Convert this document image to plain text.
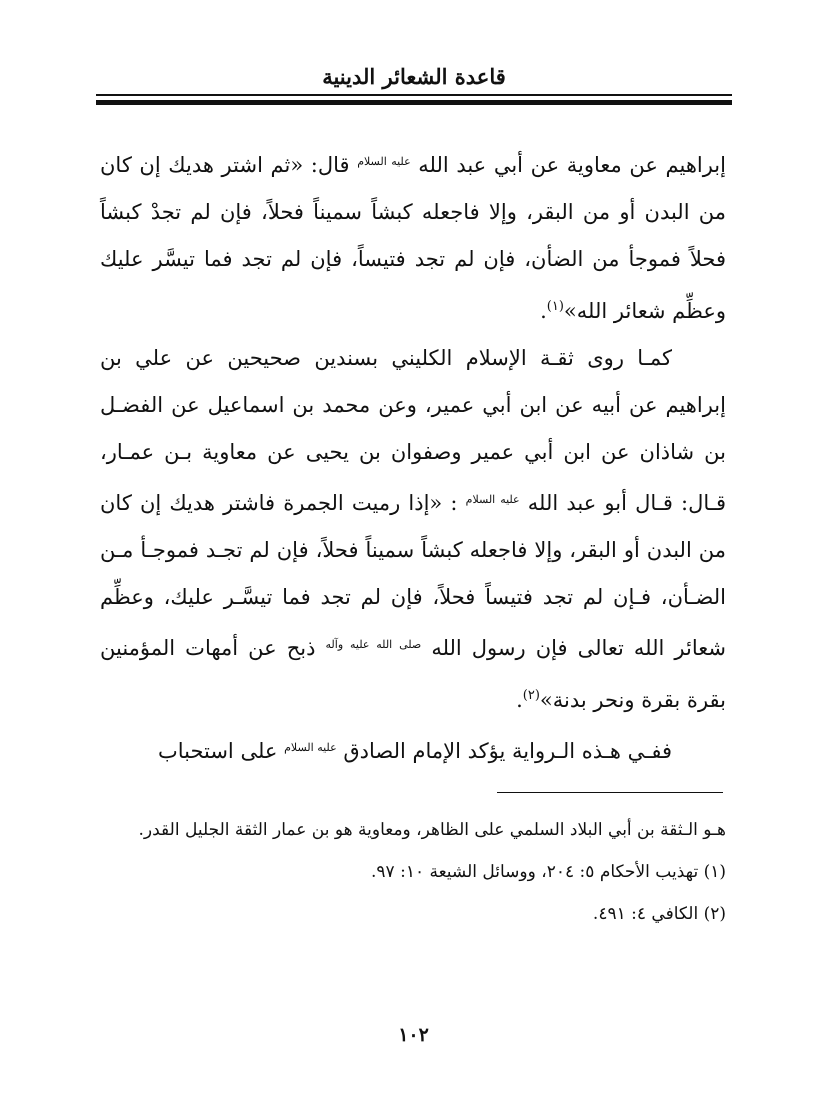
قاعدة الشعائر الدينية

إبراهيم عن معاوية عن أبي عبد الله $^{عليه السلام}$ قال: «ثم اشتر هديك إن كان من البدن أو من البقر، وإلا فاجعله كبشاً سميناً فحلاً، فإن لم تجدْ كبشاً فحلاً فموجأ من الضأن، فإن لم تجد فتيساً، فإن لم تجد فما تيسَّر عليك وعظِّم شعائر الله»$^{(١)}$.

كمـا روى ثقـة الإسلام الكليني بسندين صحيحين عن علي بن إبراهيم عن أبيه عن ابن أبي عمير، وعن محمد بن اسماعيل عن الفضـل بن شاذان عن ابن أبي عمير وصفوان بن يحيى عن معاوية بـن عمـار، قـال: قـال أبو عبد الله $^{عليه السلام}$ : «إذا رميت الجمرة فاشتر هديك إن كان من البدن أو البقر، وإلا فاجعله كبشاً سميناً فحلاً، فإن لم تجـد فموجـأ مـن الضـأن، فـإن لم تجد فتيساً فحلاً، فإن لم تجد فما تيسَّـر عليك، وعظِّم شعائر الله تعالى فإن رسول الله $^{صلى الله عليه وآله}$ ذبح عن أمهات المؤمنين بقرة بقرة ونحر بدنة»$^{(٢)}$.

ففـي هـذه الـرواية يؤكد الإمام الصادق $^{عليه السلام}$ على استحباب

هـو الـثقة بن أبي البلاد السلمي على الظاهر، ومعاوية هو بن عمار الثقة الجليل القدر.

(١) تهذيب الأحكام ٥: ٢٠٤، ووسائل الشيعة ١٠: ٩٧.

(٢) الكافي ٤: ٤٩١.

١٠٢
